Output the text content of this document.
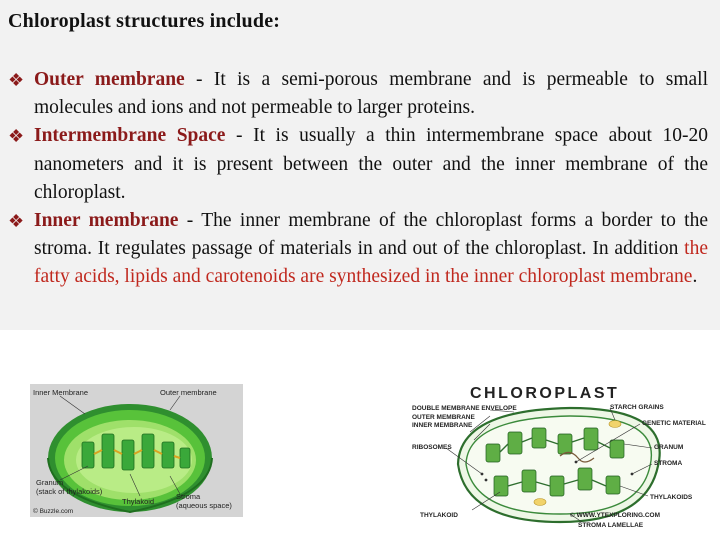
Chloroplast structures include:
❖ Outer membrane - It is a semi-porous membrane and is permeable to small molecules and ions and not permeable to larger proteins.
❖ Intermembrane Space - It is usually a thin intermembrane space about 10-20 nanometers and it is present between the outer and the inner membrane of the chloroplast.
❖ Inner membrane - The inner membrane of the chloroplast forms a border to the stroma. It regulates passage of materials in and out of the chloroplast. In addition the fatty acids, lipids and carotenoids are synthesized in the inner chloroplast membrane.
Inner Membrane	Outer membrane
Granum
(stack of thylakoids)
Thylakoid
Stroma
(aqueous space)
© Buzzle.com
CHLOROPLAST
DOUBLE MEMBRANE ENVELOPE
OUTER MEMBRANE
INNER MEMBRANE
RIBOSOMES
STARCH GRAINS
GENETIC MATERIAL
GRANUM
STROMA
THYLAKOIDS
THYLAKOID	© WWW.YTEXPLORING.COM
STROMA LAMELLAE
